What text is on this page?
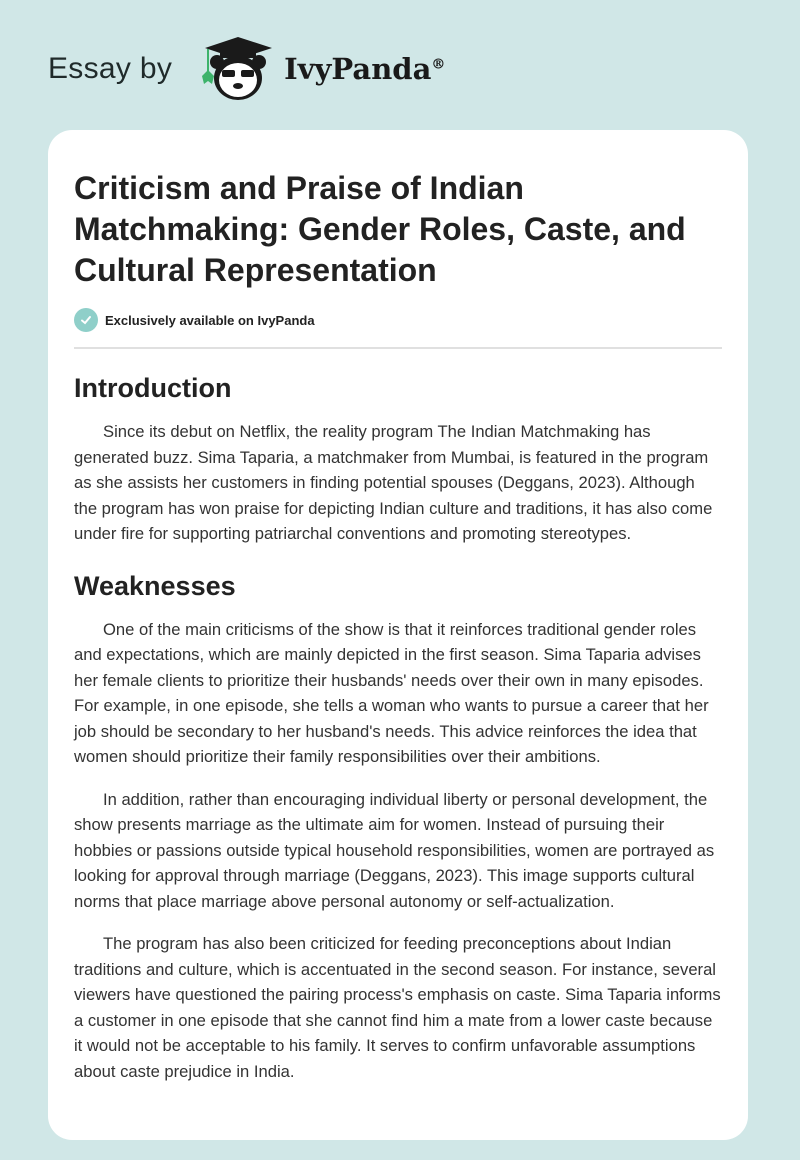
Essay by	IvyPanda®
Criticism and Praise of Indian Matchmaking: Gender Roles, Caste, and Cultural Representation
Exclusively available on IvyPanda
Introduction

Since its debut on Netflix, the reality program The Indian Matchmaking has generated buzz. Sima Taparia, a matchmaker from Mumbai, is featured in the program as she assists her customers in finding potential spouses (Deggans, 2023). Although the program has won praise for depicting Indian culture and traditions, it has also come under fire for supporting patriarchal conventions and promoting stereotypes.

Weaknesses

One of the main criticisms of the show is that it reinforces traditional gender roles and expectations, which are mainly depicted in the first season. Sima Taparia advises her female clients to prioritize their husbands' needs over their own in many episodes. For example, in one episode, she tells a woman who wants to pursue a career that her job should be secondary to her husband's needs. This advice reinforces the idea that women should prioritize their family responsibilities over their ambitions.

In addition, rather than encouraging individual liberty or personal development, the show presents marriage as the ultimate aim for women. Instead of pursuing their hobbies or passions outside typical household responsibilities, women are portrayed as looking for approval through marriage (Deggans, 2023). This image supports cultural norms that place marriage above personal autonomy or self-actualization.

The program has also been criticized for feeding preconceptions about Indian traditions and culture, which is accentuated in the second season. For instance, several viewers have questioned the pairing process's emphasis on caste. Sima Taparia informs a customer in one episode that she cannot find him a mate from a lower caste because it would not be acceptable to his family. It serves to confirm unfavorable assumptions about caste prejudice in India.
